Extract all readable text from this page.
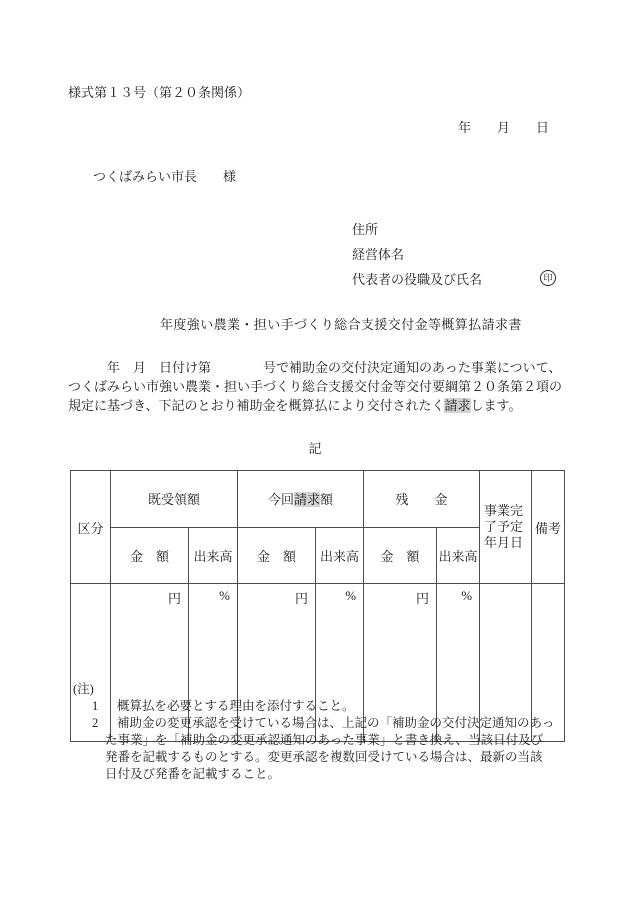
様式第１３号（第２０条関係）
年　　月　　日
つくばみらい市長　　様
住所
経営体名
代表者の役職及び氏名	印
年度強い農業・担い手づくり総合支援交付金等概算払請求書
年　月　日付け第　　　　号で補助金の交付決定通知のあった事業について、
つくばみらい市強い農業・担い手づくり総合支援交付金等交付要綱第２０条第２項の
規定に基づき、下記のとおり補助金を概算払により交付されたく請求します。
記
区分	既受領額		今回請求額		残　　金		事業完了予定年月日	備考
	金　額	出来高	金　額	出来高	金　額	出来高		
	円	%	円	%	円	%		
(注)
1 概算払を必要とする理由を添付すること。
2 補助金の変更承認を受けている場合は、上記の「補助金の交付決定通知のあっ
た事業」を「補助金の変更承認通知のあった事業」と書き換え、当該日付及び
発番を記載するものとする。変更承認を複数回受けている場合は、最新の当該
日付及び発番を記載すること。
